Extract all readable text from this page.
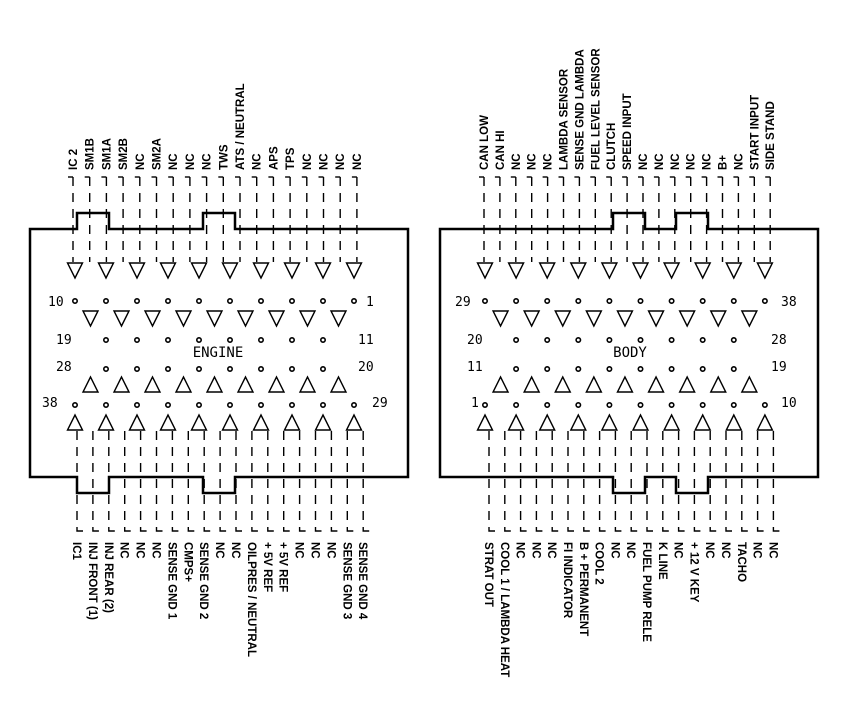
IC 2 SM1B SM1A SM2B NC SM2A NC NC NC TWS ATS / NEUTRAL NC APS TPS NC NC NC NC
IC1 INJ FRONT (1) INJ REAR (2) NC NC NC SENSE GND 1 CMPS+ SENSE GND 2 NC NC OILPRES / NEUTRAL + 5V REF + 5V REF NC NC NC SENSE GND 3 SENSE GND 4
ENGINE
10	1
19	11
28	20
38	29
CAN LOW CAN HI NC NC NC LAMBDA SENSOR SENSE GND LAMBDA FUEL LEVEL SENSOR CLUTCH SPEED INPUT NC NC NC NC NC B+ NC START INPUT SIDE STAND
STRAT OUT COOL 1 / LAMBDA HEAT NC NC NC FI INDICATOR B + PERMANENT COOL 2 NC NC FUEL PUMP RELE K LINE NC + 12 V KEY NC NC TACHO NC NC
BODY
29	38
20	28
11	19
1	10
